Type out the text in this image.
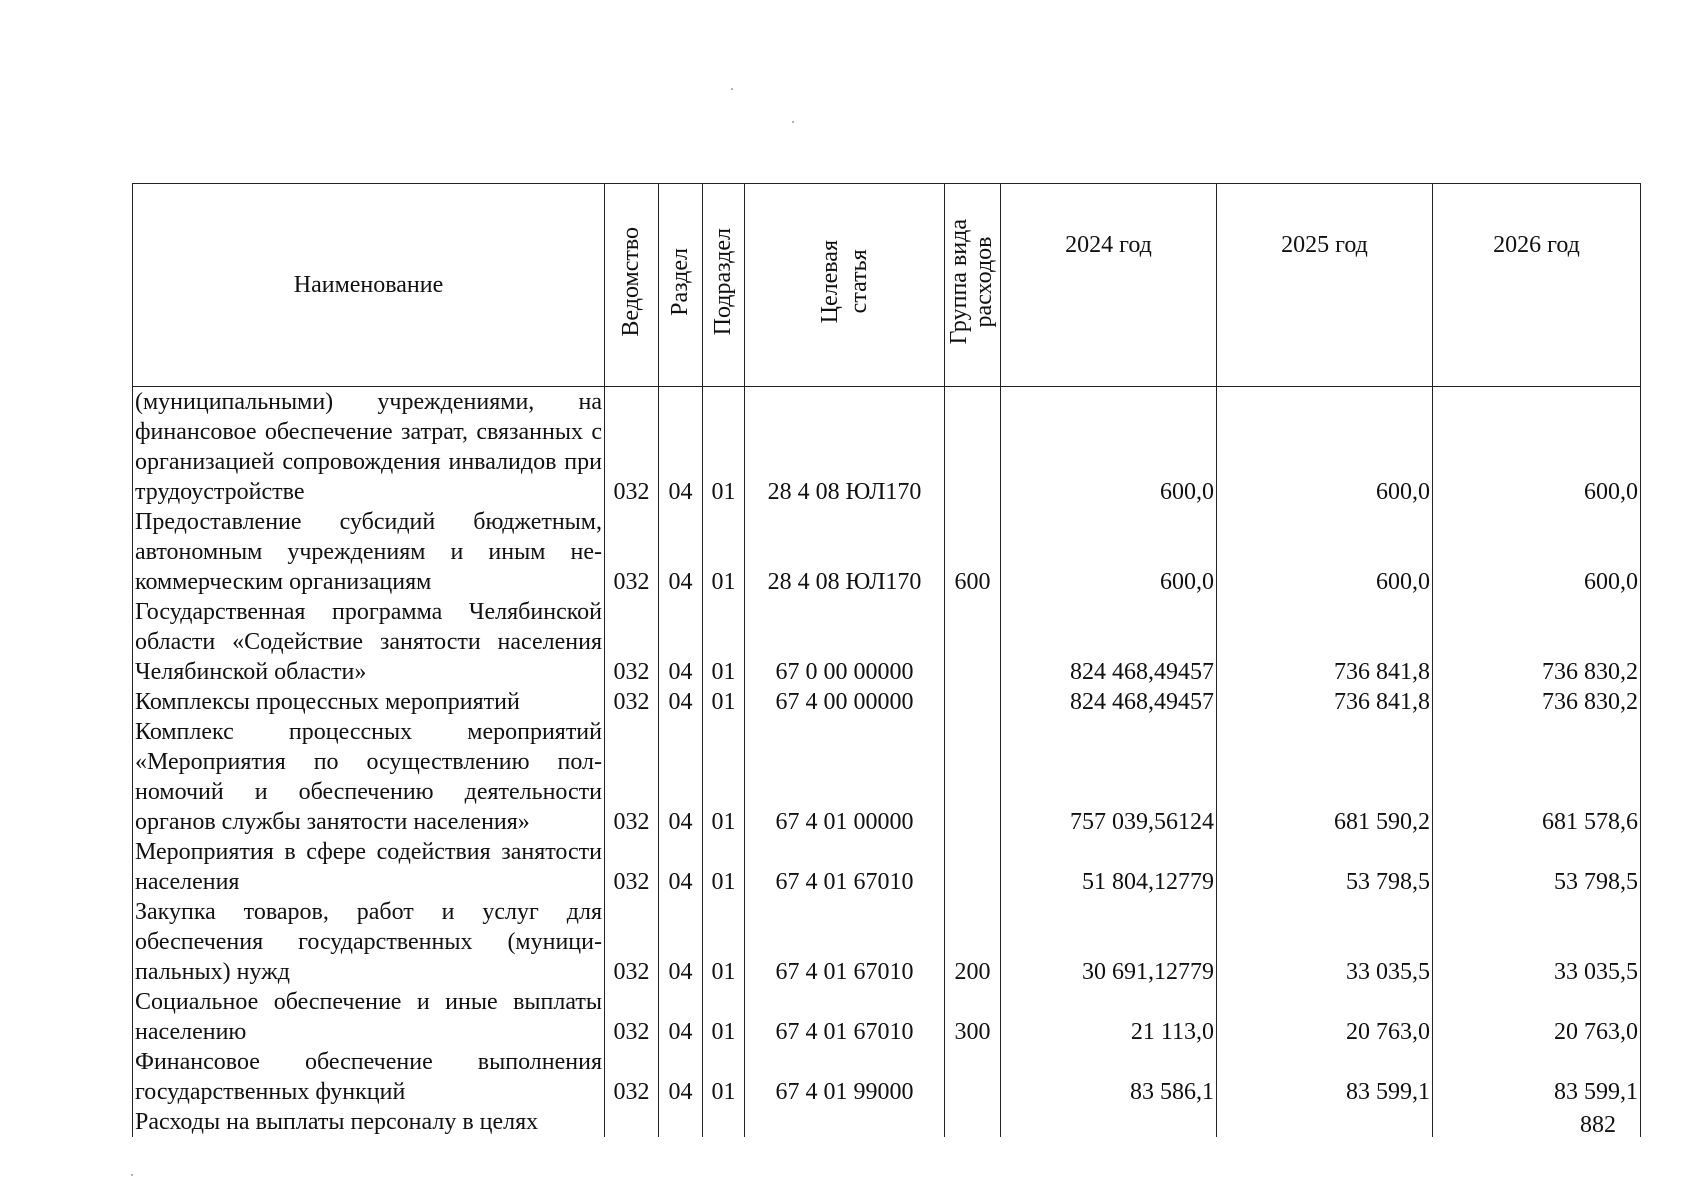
Наименование	Ведомство	Раздел	Подраздел	Целевая статья	Группа вида
расходов	2024 год	2025 год	2026 год
(муниципальными) учреждениями, на финансовое обеспечение затрат, связанных с организацией сопровождения инвалидов при трудоустройстве	032	04	01	28 4 08 ЮЛ170		600,0	600,0	600,0
Предоставление субсидий бюджетным, автономным учреждениям и иным некоммерческим организациям	032	04	01	28 4 08 ЮЛ170	600	600,0	600,0	600,0
Государственная программа Челябинской области «Содействие занятости населения Челябинской области»	032	04	01	67 0 00 00000		824 468,49457	736 841,8	736 830,2
Комплексы процессных мероприятий	032	04	01	67 4 00 00000		824 468,49457	736 841,8	736 830,2
Комплекс процессных мероприятий «Мероприятия по осуществлению полномочий и обеспечению деятельности органов службы занятости населения»	032	04	01	67 4 01 00000		757 039,56124	681 590,2	681 578,6
Мероприятия в сфере содействия занятости населения	032	04	01	67 4 01 67010		51 804,12779	53 798,5	53 798,5
Закупка товаров, работ и услуг для обеспечения государственных (муниципальных) нужд	032	04	01	67 4 01 67010	200	30 691,12779	33 035,5	33 035,5
Социальное обеспечение и иные выплаты населению	032	04	01	67 4 01 67010	300	21 113,0	20 763,0	20 763,0
Финансовое обеспечение выполнения государственных функций	032	04	01	67 4 01 99000		83 586,1	83 599,1	83 599,1
Расходы на выплаты персоналу в целях									882
